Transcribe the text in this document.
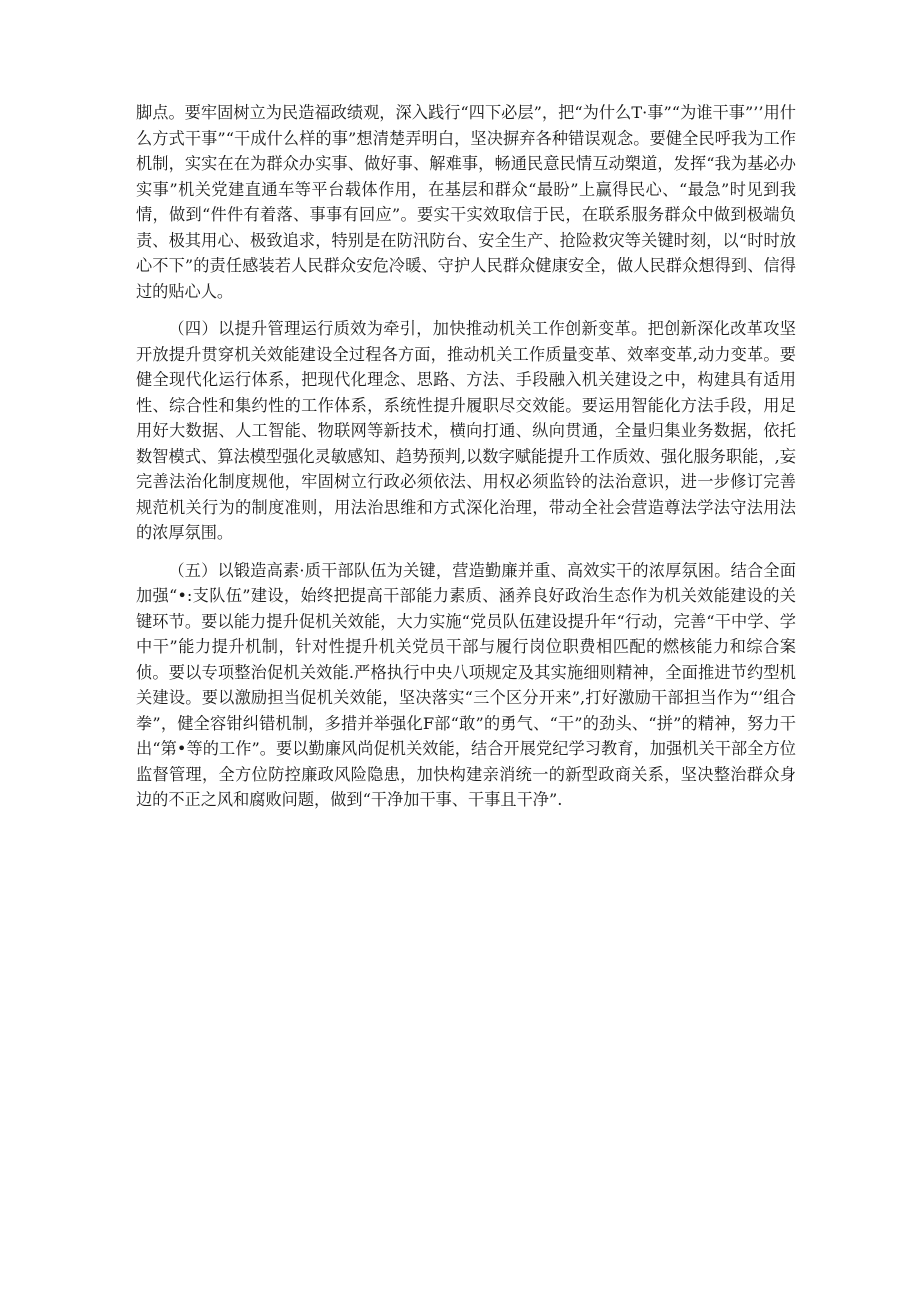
脚点。要牢固树立为民造福政绩观，深入践行“四下必层”，把“为什么T·事”“为谁干事”’’用什么方式干事”“干成什么样的事”想清楚弄明白，坚决摒弃各种错误观念。要健全民呼我为工作机制，实实在在为群众办实事、做好事、解难事，畅通民意民情互动槊道，发挥“我为基必办实事”机关党建直通车等平台载体作用，在基层和群众“最盼”上赢得民心、“最急”时见到我情，做到“件件有着落、事事有回应”。要实干实效取信于民，在联系服务群众中做到极端负责、极其用心、极致追求，特别是在防汛防台、安全生产、抢险救灾等关键时刻，以“时时放心不下”的责任感装若人民群众安危冷暖、守护人民群众健康安全，做人民群众想得到、信得过的贴心人。

（四）以提升管理运行质效为牵引，加快推动机关工作创新变革。把创新深化改革攻坚开放提升贯穿机关效能建设全过程各方面，推动机关工作质量变革、效率变革,动力变革。要健全现代化运行体系，把现代化理念、思路、方法、手段融入机关建设之中，构建具有适用性、综合性和集约性的工作体系，系统性提升履职尽交效能。要运用智能化方法手段，用足用好大数据、人工智能、物联网等新技术，横向打通、纵向贯通，全量归集业务数据，依托数智模式、算法模型强化灵敏感知、趋势预判,以数字赋能提升工作质效、强化服务职能，,妄完善法治化制度规他，牢固树立行政必须依法、用权必须监铃的法治意识，进一步修订完善规范机关行为的制度准则，用法治思维和方式深化治理，带动全社会营造尊法学法守法用法的浓厚氛围。

（五）以锻造高素·质干部队伍为关键，营造勤廉并重、高效实干的浓厚氛困。结合全面加强“•:支队伍”建设，始终把提高干部能力素质、涵养良好政治生态作为机关效能建设的关键环节。要以能力提升促机关效能，大力实施“党员队伍建设提升年“行动，完善“干中学、学中干”能力提升机制，针对性提升机关党员干部与履行岗位职费相匹配的燃核能力和综合案侦。要以专项整治促机关效能.严格执行中央八项规定及其实施细则精神，全面推进节约型机关建设。要以激励担当促机关效能，坚决落实“三个区分开来”,打好激励干部担当作为“’组合拳”，健全容钳纠错机制，多措并举强化F部“敢”的勇气、“干”的劲头、“拼”的精神，努力干出“第•等的工作”。要以勤廉风尚促机关效能，结合开展党纪学习教育，加强机关干部全方位监督管理，全方位防控廉政风险隐患，加快构建亲消统一的新型政商关系，坚决整治群众身边的不正之风和腐败问题，做到“干净加干事、干事且干净”.
